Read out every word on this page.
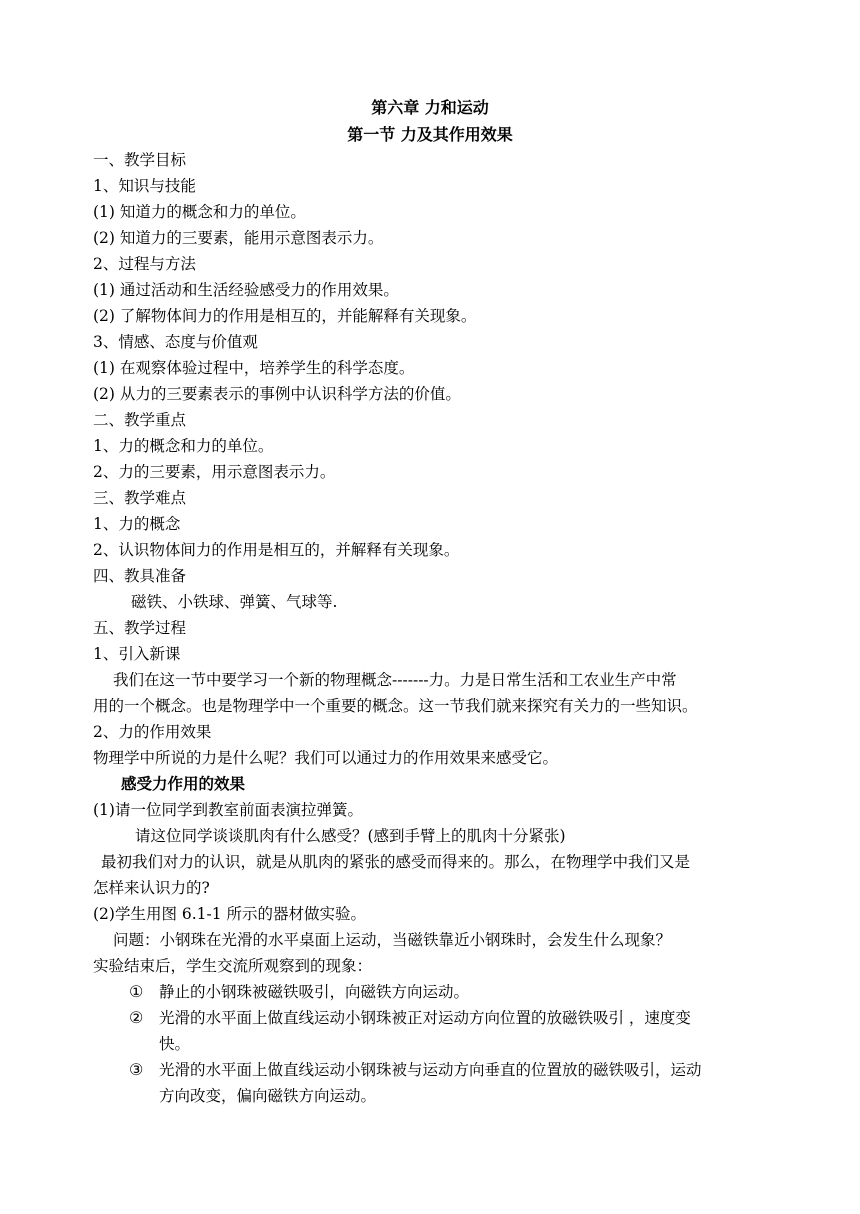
第六章 力和运动
第一节 力及其作用效果
一、教学目标
1、知识与技能
(1) 知道力的概念和力的单位。
(2) 知道力的三要素，能用示意图表示力。
2、过程与方法
(1) 通过活动和生活经验感受力的作用效果。
(2) 了解物体间力的作用是相互的，并能解释有关现象。
3、情感、态度与价值观
(1) 在观察体验过程中，培养学生的科学态度。
(2) 从力的三要素表示的事例中认识科学方法的价值。
二、教学重点
1、力的概念和力的单位。
2、力的三要素，用示意图表示力。
三、教学难点
1、力的概念
2、认识物体间力的作用是相互的，并解释有关现象。
四、教具准备
磁铁、小铁球、弹簧、气球等.
五、教学过程
1、引入新课
我们在这一节中要学习一个新的物理概念-------力。力是日常生活和工农业生产中常
用的一个概念。也是物理学中一个重要的概念。这一节我们就来探究有关力的一些知识。
2、力的作用效果
物理学中所说的力是什么呢？我们可以通过力的作用效果来感受它。
感受力作用的效果
(1)请一位同学到教室前面表演拉弹簧。
请这位同学谈谈肌肉有什么感受？(感到手臂上的肌肉十分紧张)
最初我们对力的认识，就是从肌肉的紧张的感受而得来的。那么，在物理学中我们又是
怎样来认识力的?
(2)学生用图 6.1-1 所示的器材做实验。
问题：小钢珠在光滑的水平桌面上运动，当磁铁靠近小钢珠时，会发生什么现象？
实验结束后，学生交流所观察到的现象：
① 静止的小钢珠被磁铁吸引，向磁铁方向运动。
② 光滑的水平面上做直线运动小钢珠被正对运动方向位置的放磁铁吸引 ，速度变
快。
③ 光滑的水平面上做直线运动小钢珠被与运动方向垂直的位置放的磁铁吸引，运动
方向改变，偏向磁铁方向运动。
